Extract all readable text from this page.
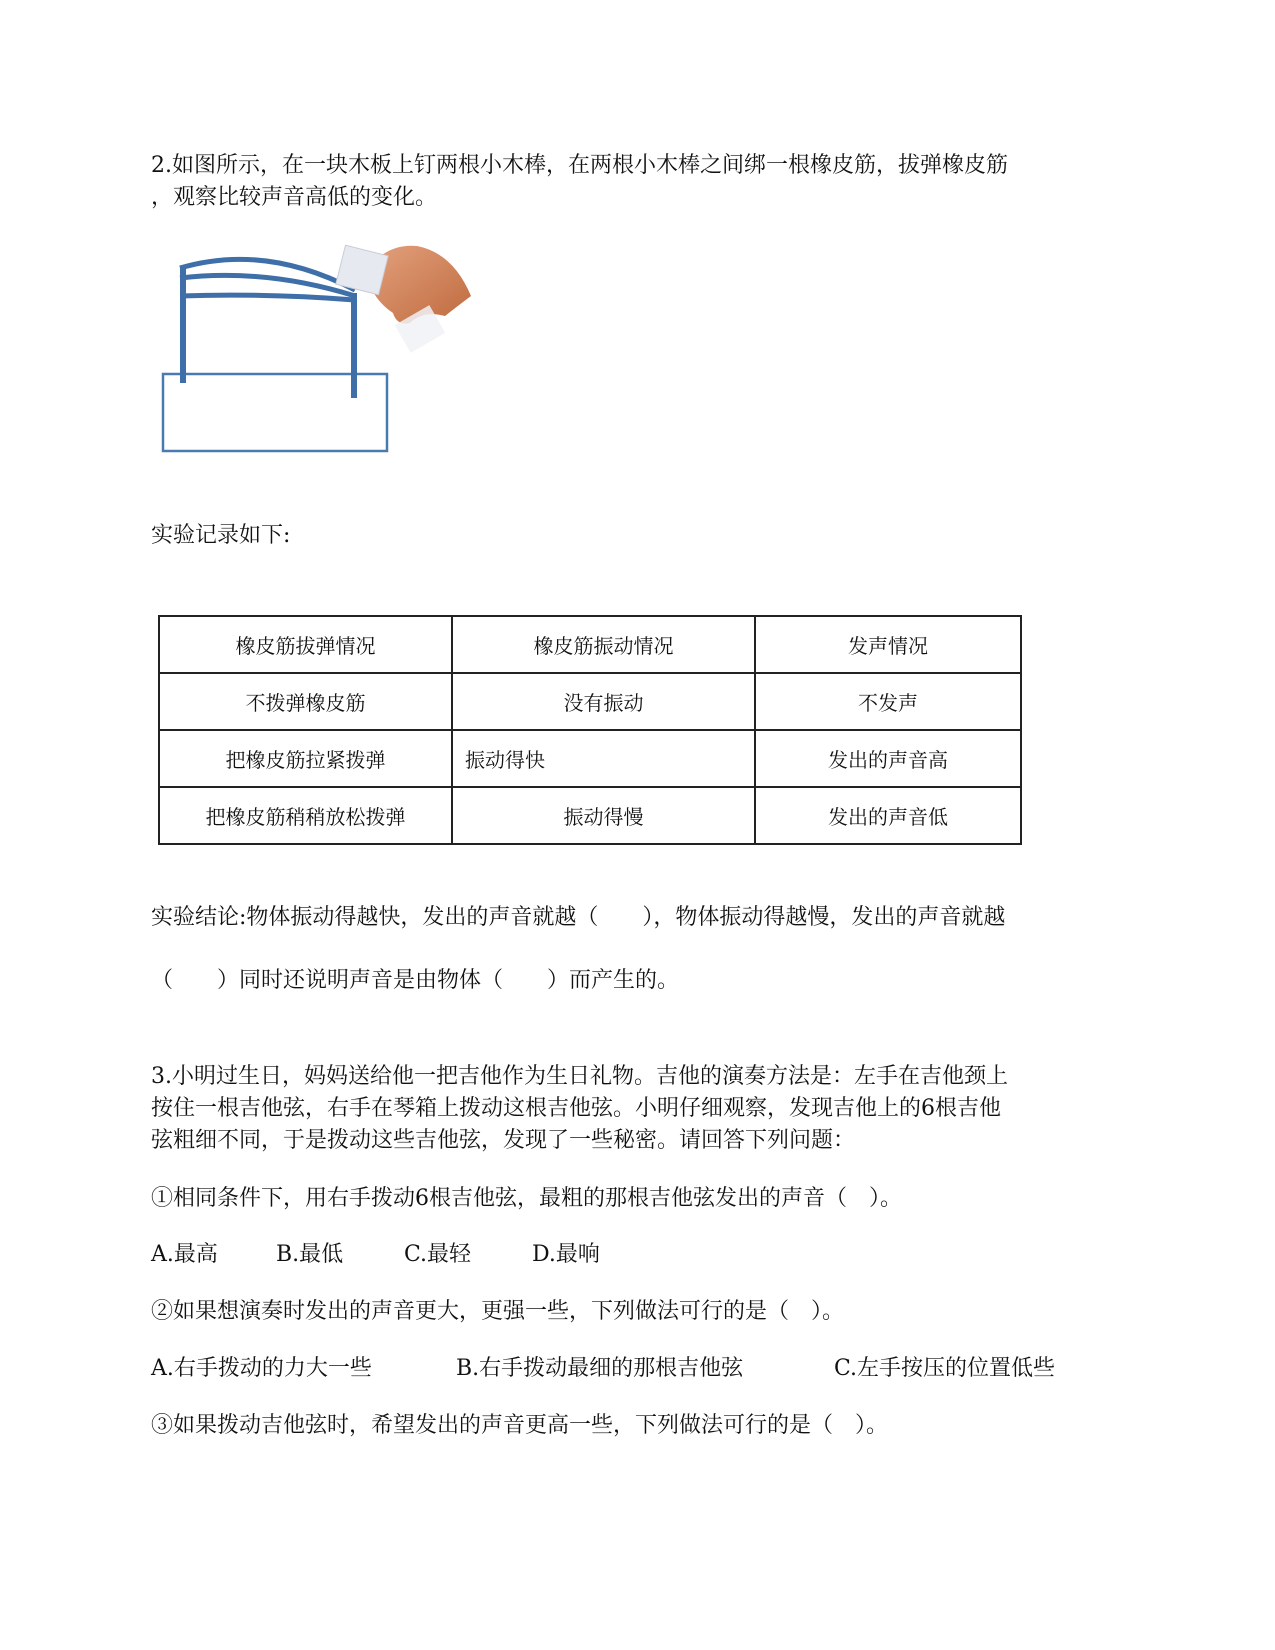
2.如图所示，在一块木板上钉两根小木棒，在两根小木棒之间绑一根橡皮筋，拔弹橡皮筋
，观察比较声音高低的变化。
实验记录如下:
橡皮筋拔弹情况	橡皮筋振动情况	发声情况
不拨弹橡皮筋	没有振动	不发声
把橡皮筋拉紧拨弹	振动得快	发出的声音高
把橡皮筋稍稍放松拨弹	振动得慢	发出的声音低
实验结论:物体振动得越快，发出的声音就越（　　），物体振动得越慢，发出的声音就越
（　　）同时还说明声音是由物体（　　）而产生的。
3.小明过生日，妈妈送给他一把吉他作为生日礼物。吉他的演奏方法是：左手在吉他颈上
按住一根吉他弦，右手在琴箱上拨动这根吉他弦。小明仔细观察，发现吉他上的6根吉他
弦粗细不同，于是拨动这些吉他弦，发现了一些秘密。请回答下列问题：
①相同条件下，用右手拨动6根吉他弦，最粗的那根吉他弦发出的声音（　）。
A.最高	B.最低	C.最轻	D.最响
②如果想演奏时发出的声音更大，更强一些，下列做法可行的是（　）。
A.右手拨动的力大一些	B.右手拨动最细的那根吉他弦	C.左手按压的位置低些
③如果拨动吉他弦时，希望发出的声音更高一些，下列做法可行的是（　）。
